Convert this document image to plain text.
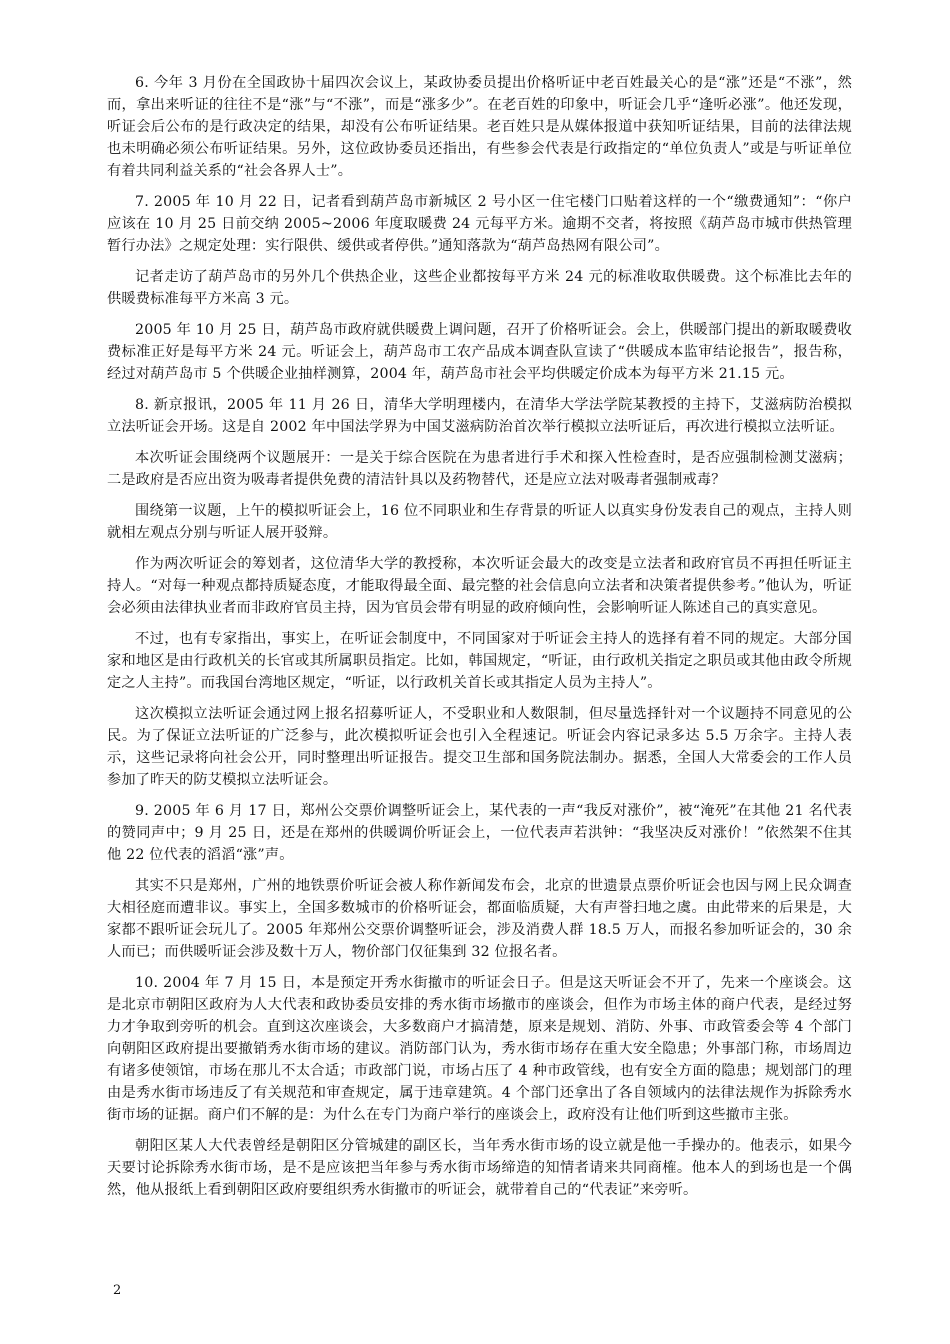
6. 今年 3 月份在全国政协十届四次会议上，某政协委员提出价格听证中老百姓最关心的是“涨”还是“不涨”，然而，拿出来听证的往往不是“涨”与“不涨”，而是“涨多少”。在老百姓的印象中，听证会几乎“逢听必涨”。他还发现，听证会后公布的是行政决定的结果，却没有公布听证结果。老百姓只是从媒体报道中获知听证结果，目前的法律法规也未明确必须公布听证结果。另外，这位政协委员还指出，有些参会代表是行政指定的“单位负责人”或是与听证单位有着共同利益关系的“社会各界人士”。

7. 2005 年 10 月 22 日，记者看到葫芦岛市新城区 2 号小区一住宅楼门口贴着这样的一个“缴费通知”：“你户应该在 10 月 25 日前交纳 2005~2006 年度取暖费 24 元每平方米。逾期不交者，将按照《葫芦岛市城市供热管理暂行办法》之规定处理：实行限供、缓供或者停供。”通知落款为“葫芦岛热网有限公司”。

记者走访了葫芦岛市的另外几个供热企业，这些企业都按每平方米 24 元的标准收取供暖费。这个标准比去年的供暖费标准每平方米高 3 元。

2005 年 10 月 25 日，葫芦岛市政府就供暖费上调问题，召开了价格听证会。会上，供暖部门提出的新取暖费收费标准正好是每平方米 24 元。听证会上，葫芦岛市工农产品成本调查队宣读了“供暖成本监审结论报告”，报告称，经过对葫芦岛市 5 个供暖企业抽样测算，2004 年，葫芦岛市社会平均供暖定价成本为每平方米 21.15 元。

8. 新京报讯，2005 年 11 月 26 日，清华大学明理楼内，在清华大学法学院某教授的主持下，艾滋病防治模拟立法听证会开场。这是自 2002 年中国法学界为中国艾滋病防治首次举行模拟立法听证后，再次进行模拟立法听证。

本次听证会围绕两个议题展开：一是关于综合医院在为患者进行手术和探入性检查时，是否应强制检测艾滋病；二是政府是否应出资为吸毒者提供免费的清洁针具以及药物替代，还是应立法对吸毒者强制戒毒？

围绕第一议题，上午的模拟听证会上，16 位不同职业和生存背景的听证人以真实身份发表自己的观点，主持人则就相左观点分别与听证人展开驳辩。

作为两次听证会的筹划者，这位清华大学的教授称，本次听证会最大的改变是立法者和政府官员不再担任听证主持人。“对每一种观点都持质疑态度，才能取得最全面、最完整的社会信息向立法者和决策者提供参考。”他认为，听证会必须由法律执业者而非政府官员主持，因为官员会带有明显的政府倾向性，会影响听证人陈述自己的真实意见。

不过，也有专家指出，事实上，在听证会制度中，不同国家对于听证会主持人的选择有着不同的规定。大部分国家和地区是由行政机关的长官或其所属职员指定。比如，韩国规定，“听证，由行政机关指定之职员或其他由政令所规定之人主持”。而我国台湾地区规定，“听证，以行政机关首长或其指定人员为主持人”。

这次模拟立法听证会通过网上报名招募听证人，不受职业和人数限制，但尽量选择针对一个议题持不同意见的公民。为了保证立法听证的广泛参与，此次模拟听证会也引入全程速记。听证会内容记录多达 5.5 万余字。主持人表示，这些记录将向社会公开，同时整理出听证报告。提交卫生部和国务院法制办。据悉，全国人大常委会的工作人员参加了昨天的防艾模拟立法听证会。

9. 2005 年 6 月 17 日，郑州公交票价调整听证会上，某代表的一声“我反对涨价”，被“淹死”在其他 21 名代表的赞同声中；9 月 25 日，还是在郑州的供暖调价听证会上，一位代表声若洪钟：“我坚决反对涨价！”依然架不住其他 22 位代表的滔滔“涨”声。

其实不只是郑州，广州的地铁票价听证会被人称作新闻发布会，北京的世遗景点票价听证会也因与网上民众调查大相径庭而遭非议。事实上，全国多数城市的价格听证会，都面临质疑，大有声誉扫地之虞。由此带来的后果是，大家都不跟听证会玩儿了。2005 年郑州公交票价调整听证会，涉及消费人群 18.5 万人，而报名参加听证会的，30 余人而已；而供暖听证会涉及数十万人，物价部门仅征集到 32 位报名者。

10. 2004 年 7 月 15 日，本是预定开秀水街撤市的听证会日子。但是这天听证会不开了，先来一个座谈会。这是北京市朝阳区政府为人大代表和政协委员安排的秀水街市场撤市的座谈会，但作为市场主体的商户代表，是经过努力才争取到旁听的机会。直到这次座谈会，大多数商户才搞清楚，原来是规划、消防、外事、市政管委会等 4 个部门向朝阳区政府提出要撤销秀水街市场的建议。消防部门认为，秀水街市场存在重大安全隐患；外事部门称，市场周边有诸多使领馆，市场在那儿不太合适；市政部门说，市场占压了 4 种市政管线，也有安全方面的隐患；规划部门的理由是秀水街市场违反了有关规范和审查规定，属于违章建筑。4 个部门还拿出了各自领域内的法律法规作为拆除秀水街市场的证据。商户们不解的是：为什么在专门为商户举行的座谈会上，政府没有让他们听到这些撤市主张。

朝阳区某人大代表曾经是朝阳区分管城建的副区长，当年秀水街市场的设立就是他一手操办的。他表示，如果今天要讨论拆除秀水街市场，是不是应该把当年参与秀水街市场缔造的知情者请来共同商榷。他本人的到场也是一个偶然，他从报纸上看到朝阳区政府要组织秀水街撤市的听证会，就带着自己的“代表证”来旁听。

2
